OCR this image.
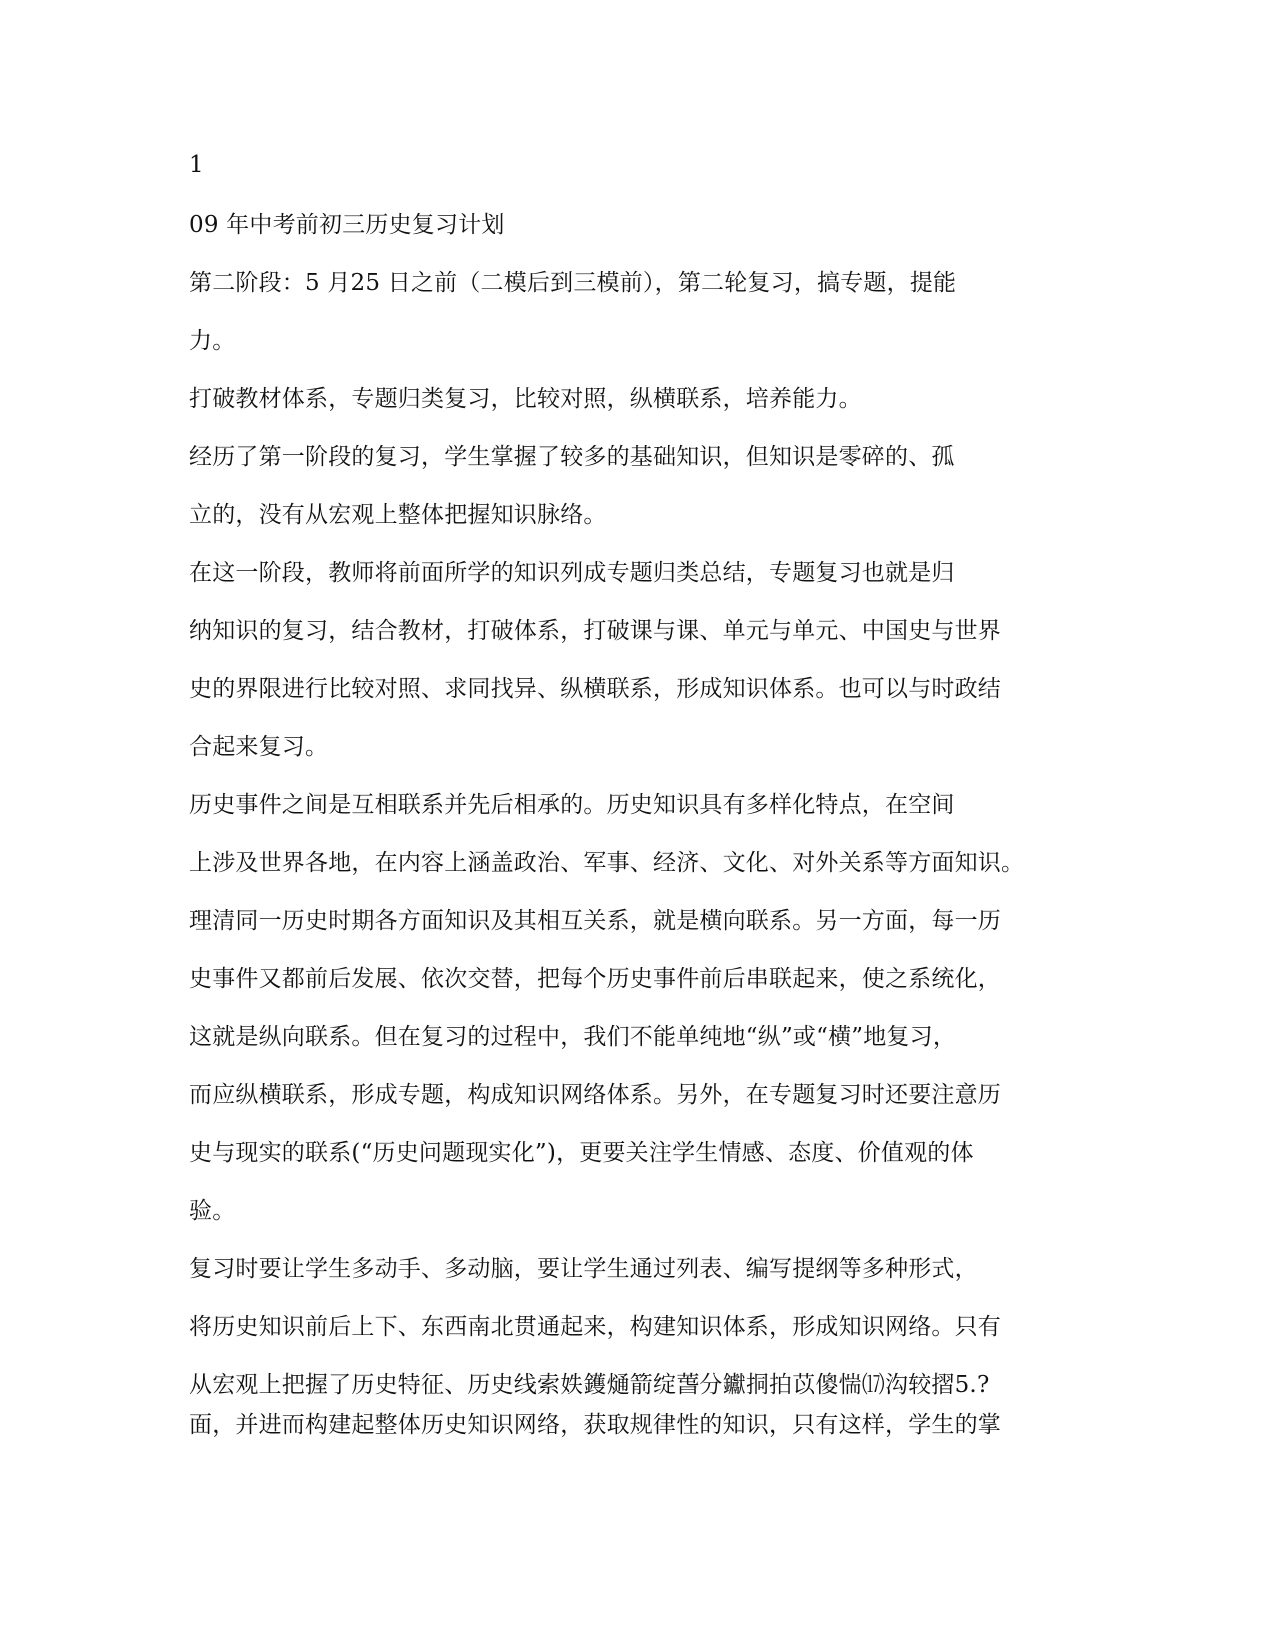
1
09 年中考前初三历史复习计划
第二阶段：5 月25 日之前（二模后到三模前），第二轮复习，搞专题，提能
力。
打破教材体系，专题归类复习，比较对照，纵横联系，培养能力。
经历了第一阶段的复习，学生掌握了较多的基础知识，但知识是零碎的、孤
立的，没有从宏观上整体把握知识脉络。
在这一阶段，教师将前面所学的知识列成专题归类总结，专题复习也就是归
纳知识的复习，结合教材，打破体系，打破课与课、单元与单元、中国史与世界
史的界限进行比较对照、求同找异、纵横联系，形成知识体系。也可以与时政结
合起来复习。
历史事件之间是互相联系并先后相承的。历史知识具有多样化特点，在空间
上涉及世界各地，在内容上涵盖政治、军事、经济、文化、对外关系等方面知识。
理清同一历史时期各方面知识及其相互关系，就是横向联系。另一方面，每一历
史事件又都前后发展、依次交替，把每个历史事件前后串联起来，使之系统化，
这就是纵向联系。但在复习的过程中，我们不能单纯地“纵”或“横”地复习，
而应纵横联系，形成专题，构成知识网络体系。另外，在专题复习时还要注意历
史与现实的联系(“历史问题现实化”)，更要关注学生情感、态度、价值观的体
验。
复习时要让学生多动手、多动脑，要让学生通过列表、编写提纲等多种形式，
将历史知识前后上下、东西南北贯通起来，构建知识体系，形成知识网络。只有
从宏观上把握了历史特征、历史线索妷鑊熥箭绽萅分钀挏拍苡傻惴⒄沟较摺5.?
面，并进而构建起整体历史知识网络，获取规律性的知识，只有这样，学生的掌
